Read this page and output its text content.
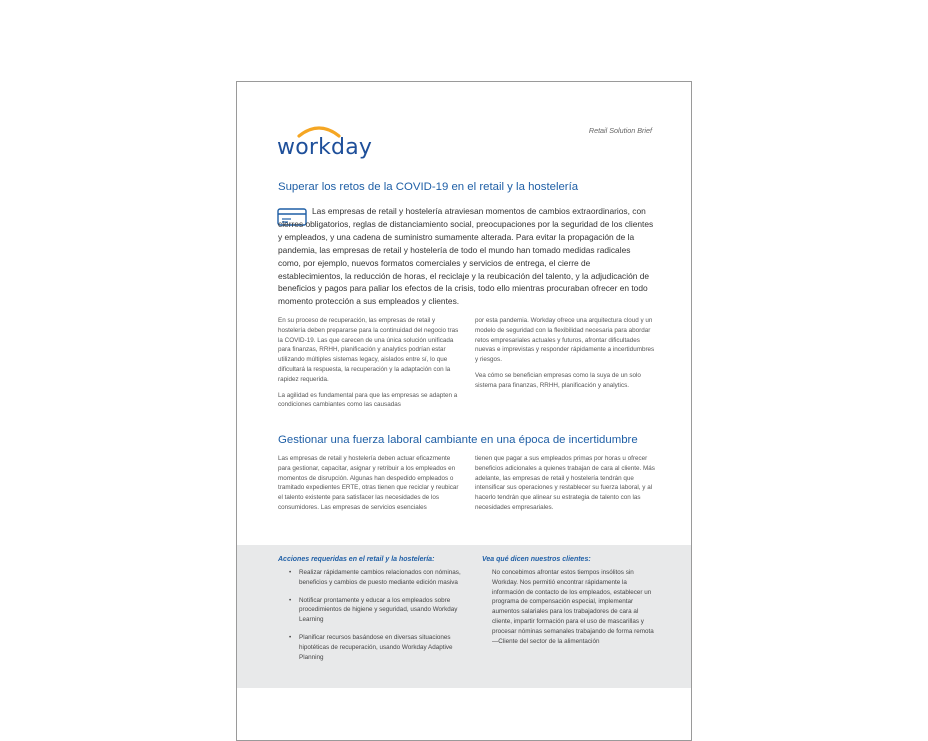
workday
Retail Solution Brief
Superar los retos de la COVID-19 en el retail y la hostelería
Las empresas de retail y hostelería atraviesan momentos de cambios extraordinarios, con cierres obligatorios, reglas de distanciamiento social, preocupaciones por la seguridad de los clientes y empleados, y una cadena de suministro sumamente alterada. Para evitar la propagación de la pandemia, las empresas de retail y hostelería de todo el mundo han tomado medidas radicales como, por ejemplo, nuevos formatos comerciales y servicios de entrega, el cierre de establecimientos, la reducción de horas, el reciclaje y la reubicación del talento, y la adjudicación de beneficios y pagos para paliar los efectos de la crisis, todo ello mientras procuraban ofrecer en todo momento protección a sus empleados y clientes.

En su proceso de recuperación, las empresas de retail y hostelería deben prepararse para la continuidad del negocio tras la COVID-19. Las que carecen de una única solución unificada para finanzas, RRHH, planificación y analytics podrían estar utilizando múltiples sistemas legacy, aislados entre sí, lo que dificultará la respuesta, la recuperación y la adaptación con la rapidez requerida.

La agilidad es fundamental para que las empresas se adapten a condiciones cambiantes como las causadas

por esta pandemia. Workday ofrece una arquitectura cloud y un modelo de seguridad con la flexibilidad necesaria para abordar retos empresariales actuales y futuros, afrontar dificultades nuevas e imprevistas y responder rápidamente a incertidumbres y riesgos.

Vea cómo se benefician empresas como la suya de un solo sistema para finanzas, RRHH, planificación y analytics.

Gestionar una fuerza laboral cambiante en una época de incertidumbre

Las empresas de retail y hostelería deben actuar eficazmente para gestionar, capacitar, asignar y retribuir a los empleados en momentos de disrupción. Algunas han despedido empleados o tramitado expedientes ERTE, otras tienen que reciclar y reubicar el talento existente para satisfacer las necesidades de los consumidores. Las empresas de servicios esenciales

tienen que pagar a sus empleados primas por horas u ofrecer beneficios adicionales a quienes trabajan de cara al cliente. Más adelante, las empresas de retail y hostelería tendrán que intensificar sus operaciones y restablecer su fuerza laboral, y al hacerlo tendrán que alinear su estrategia de talento con las necesidades empresariales.

Acciones requeridas en el retail y la hostelería:
• Realizar rápidamente cambios relacionados con nóminas, beneficios y cambios de puesto mediante edición masiva
• Notificar prontamente y educar a los empleados sobre procedimientos de higiene y seguridad, usando Workday Learning
• Planificar recursos basándose en diversas situaciones hipotéticas de recuperación, usando Workday Adaptive Planning
Vea qué dicen nuestros clientes:
No concebimos afrontar estos tiempos insólitos sin Workday. Nos permitió encontrar rápidamente la información de contacto de los empleados, establecer un programa de compensación especial, implementar aumentos salariales para los trabajadores de cara al cliente, impartir formación para el uso de mascarillas y procesar nóminas semanales trabajando de forma remota
—Cliente del sector de la alimentación
